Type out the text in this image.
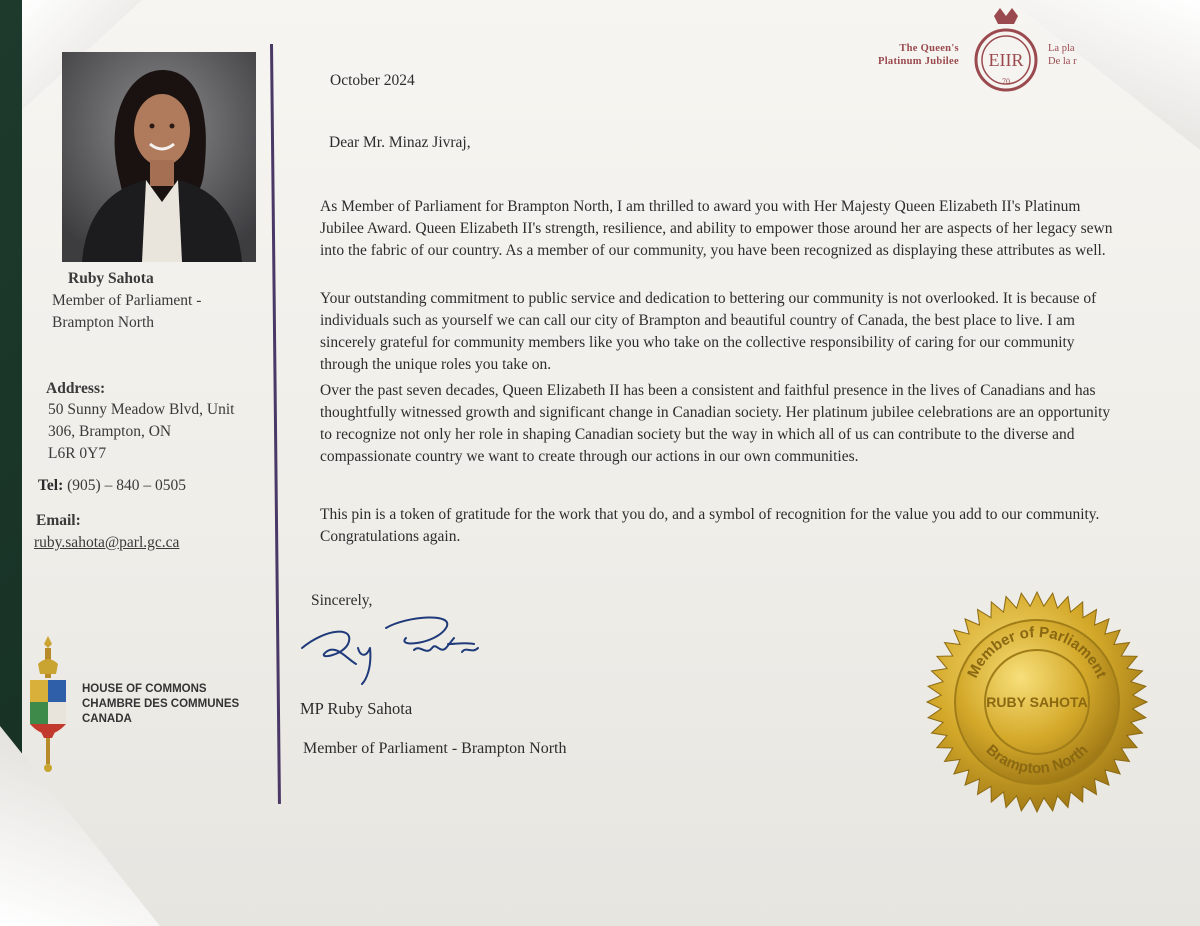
Ruby Sahota
Member of Parliament - Brampton North
Address:
50 Sunny Meadow Blvd, Unit
306, Brampton, ON
L6R 0Y7
Tel: (905) – 840 – 0505
Email:
ruby.sahota@parl.gc.ca
HOUSE OF COMMONS
CHAMBRE DES COMMUNES
CANADA
EIIR
70
The Queen's
Platinum Jubilee
La pla
De la r
October 2024
Dear Mr. Minaz Jivraj,
As Member of Parliament for Brampton North, I am thrilled to award you with Her Majesty Queen Elizabeth II's Platinum Jubilee Award. Queen Elizabeth II's strength, resilience, and ability to empower those around her are aspects of her legacy sewn into the fabric of our country. As a member of our community, you have been recognized as displaying these attributes as well.
Your outstanding commitment to public service and dedication to bettering our community is not overlooked. It is because of individuals such as yourself we can call our city of Brampton and beautiful country of Canada, the best place to live. I am sincerely grateful for community members like you who take on the collective responsibility of caring for our community through the unique roles you take on.
Over the past seven decades, Queen Elizabeth II has been a consistent and faithful presence in the lives of Canadians and has thoughtfully witnessed growth and significant change in Canadian society. Her platinum jubilee celebrations are an opportunity to recognize not only her role in shaping Canadian society but the way in which all of us can contribute to the diverse and compassionate country we want to create through our actions in our own communities.
This pin is a token of gratitude for the work that you do, and a symbol of recognition for the value you add to our community. Congratulations again.
Sincerely,
MP Ruby Sahota
Member of Parliament - Brampton North
Member of Parliament
RUBY SAHOTA
Brampton North
